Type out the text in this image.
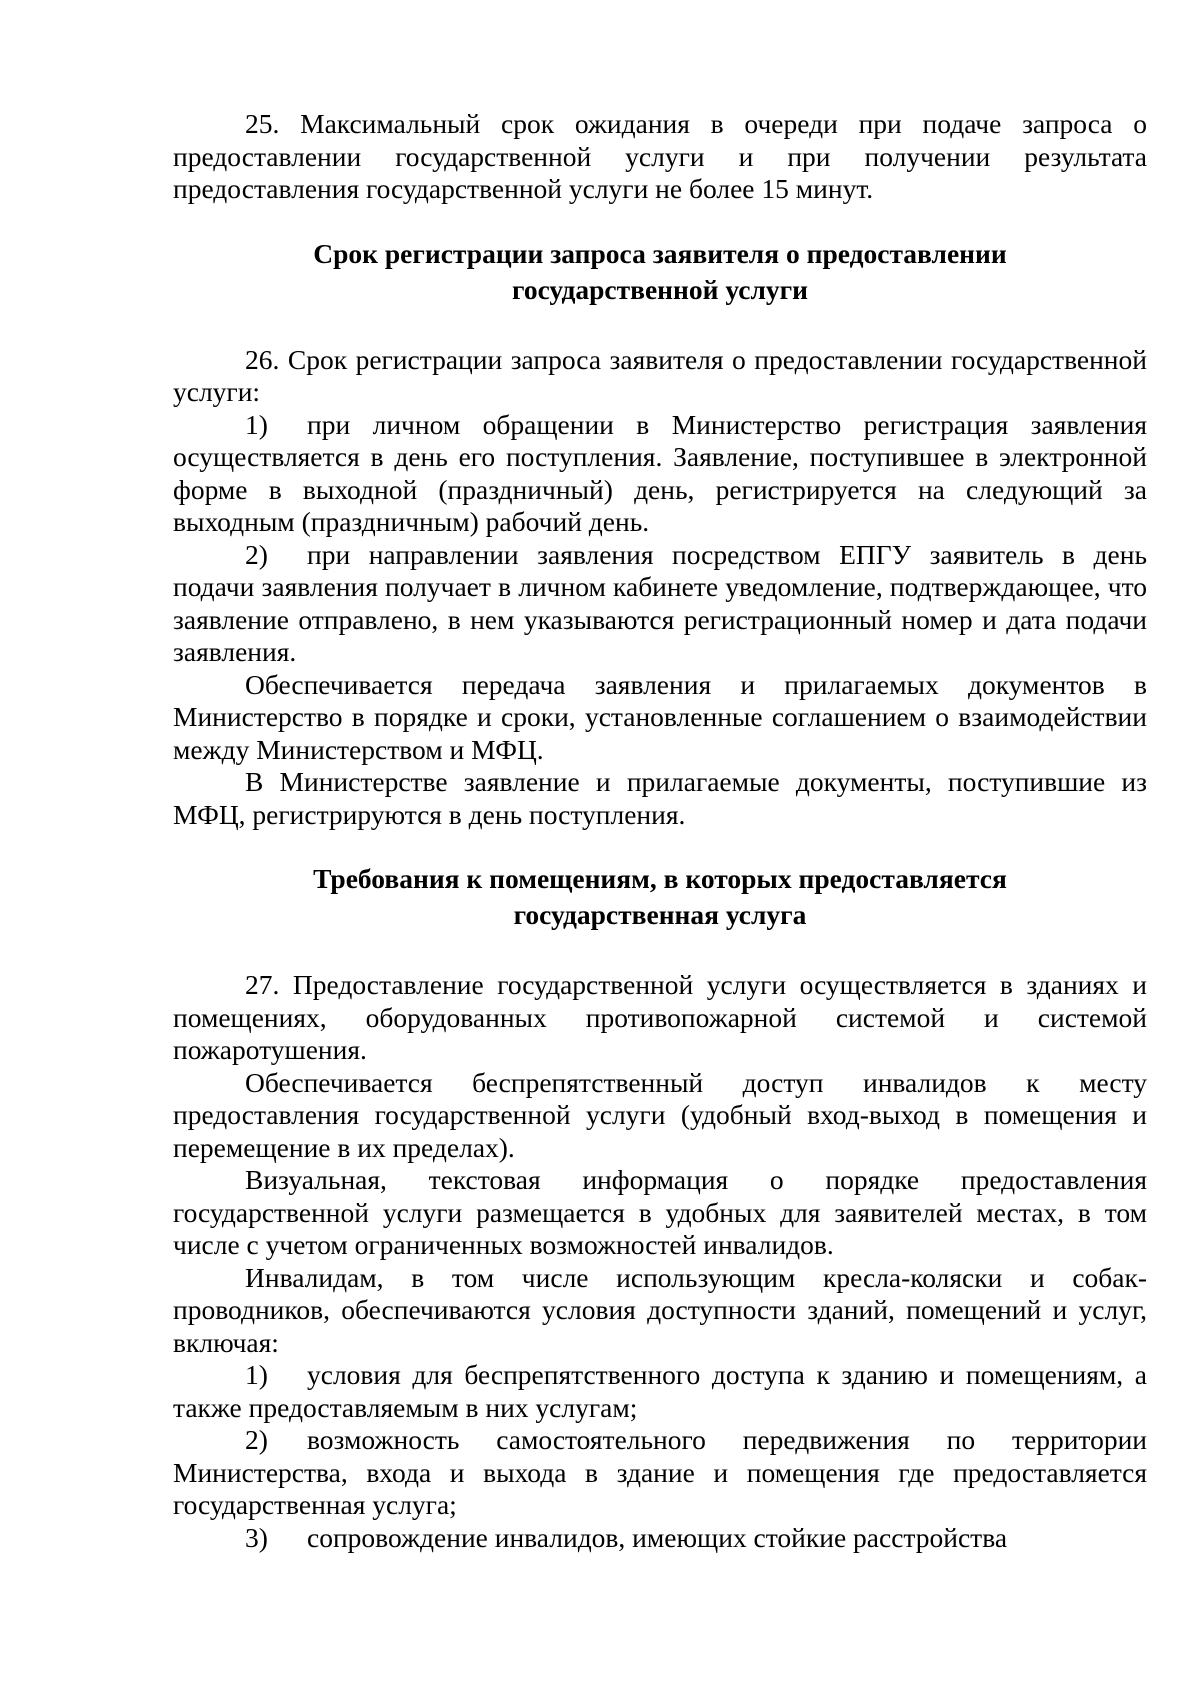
25. Максимальный срок ожидания в очереди при подаче запроса о предоставлении государственной услуги и при получении результата предоставления государственной услуги не более 15 минут.

Срок регистрации запроса заявителя о предоставлении
государственной услуги

26. Срок регистрации запроса заявителя о предоставлении государственной услуги:

1) при личном обращении в Министерство регистрация заявления осуществляется в день его поступления. Заявление, поступившее в электронной форме в выходной (праздничный) день, регистрируется на следующий за выходным (праздничным) рабочий день.

2) при направлении заявления посредством ЕПГУ заявитель в день подачи заявления получает в личном кабинете уведомление, подтверждающее, что заявление отправлено, в нем указываются регистрационный номер и дата подачи заявления.

Обеспечивается передача заявления и прилагаемых документов в Министерство в порядке и сроки, установленные соглашением о взаимодействии между Министерством и МФЦ.

В Министерстве заявление и прилагаемые документы, поступившие из МФЦ, регистрируются в день поступления.

Требования к помещениям, в которых предоставляется
государственная услуга

27. Предоставление государственной услуги осуществляется в зданиях и помещениях, оборудованных противопожарной системой и системой пожаротушения.

Обеспечивается беспрепятственный доступ инвалидов к месту предоставления государственной услуги (удобный вход-выход в помещения и перемещение в их пределах).

Визуальная, текстовая информация о порядке предоставления государственной услуги размещается в удобных для заявителей местах, в том числе с учетом ограниченных возможностей инвалидов.

Инвалидам, в том числе использующим кресла-коляски и собак-проводников, обеспечиваются условия доступности зданий, помещений и услуг, включая:

1) условия для беспрепятственного доступа к зданию и помещениям, а также предоставляемым в них услугам;

2) возможность самостоятельного передвижения по территории Министерства, входа и выхода в здание и помещения где предоставляется государственная услуга;

3) сопровождение инвалидов, имеющих стойкие расстройства
